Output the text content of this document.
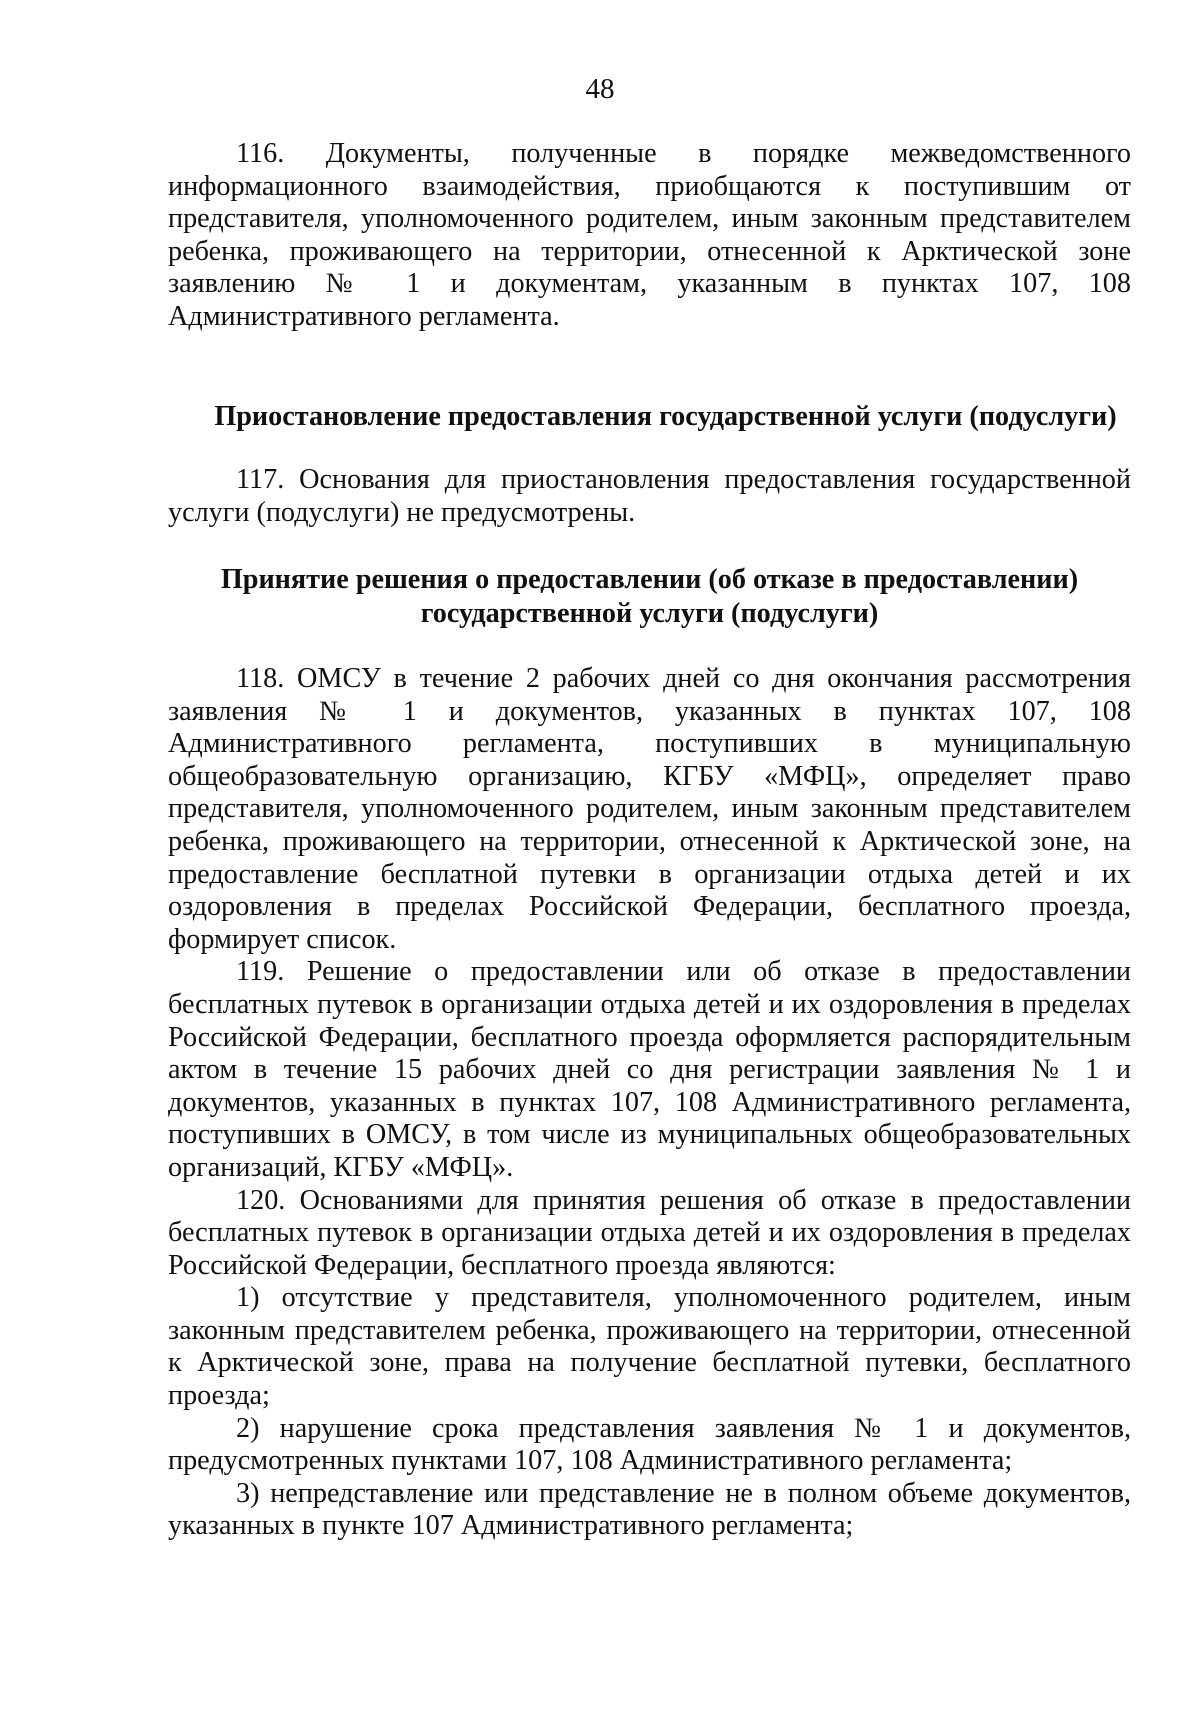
48

116. Документы, полученные в порядке межведомственного информационного взаимодействия, приобщаются к поступившим от представителя, уполномоченного родителем, иным законным представителем ребенка, проживающего на территории, отнесенной к Арктической зоне заявлению № 1 и документам, указанным в пунктах 107, 108 Административного регламента.

Приостановление предоставления государственной услуги (подуслуги)

117. Основания для приостановления предоставления государственной услуги (подуслуги) не предусмотрены.

Принятие решения о предоставлении (об отказе в предоставлении)
государственной услуги (подуслуги)

118. ОМСУ в течение 2 рабочих дней со дня окончания рассмотрения заявления № 1 и документов, указанных в пунктах 107, 108 Административного регламента, поступивших в муниципальную общеобразовательную организацию, КГБУ «МФЦ», определяет право представителя, уполномоченного родителем, иным законным представителем ребенка, проживающего на территории, отнесенной к Арктической зоне, на предоставление бесплатной путевки в организации отдыха детей и их оздоровления в пределах Российской Федерации, бесплатного проезда, формирует список.

119. Решение о предоставлении или об отказе в предоставлении бесплатных путевок в организации отдыха детей и их оздоровления в пределах Российской Федерации, бесплатного проезда оформляется распорядительным актом в течение 15 рабочих дней со дня регистрации заявления № 1 и документов, указанных в пунктах 107, 108 Административного регламента, поступивших в ОМСУ, в том числе из муниципальных общеобразовательных организаций, КГБУ «МФЦ».

120. Основаниями для принятия решения об отказе в предоставлении бесплатных путевок в организации отдыха детей и их оздоровления в пределах Российской Федерации, бесплатного проезда являются:

1) отсутствие у представителя, уполномоченного родителем, иным законным представителем ребенка, проживающего на территории, отнесенной к Арктической зоне, права на получение бесплатной путевки, бесплатного проезда;

2) нарушение срока представления заявления № 1 и документов, предусмотренных пунктами 107, 108 Административного регламента;

3) непредставление или представление не в полном объеме документов, указанных в пункте 107 Административного регламента;
